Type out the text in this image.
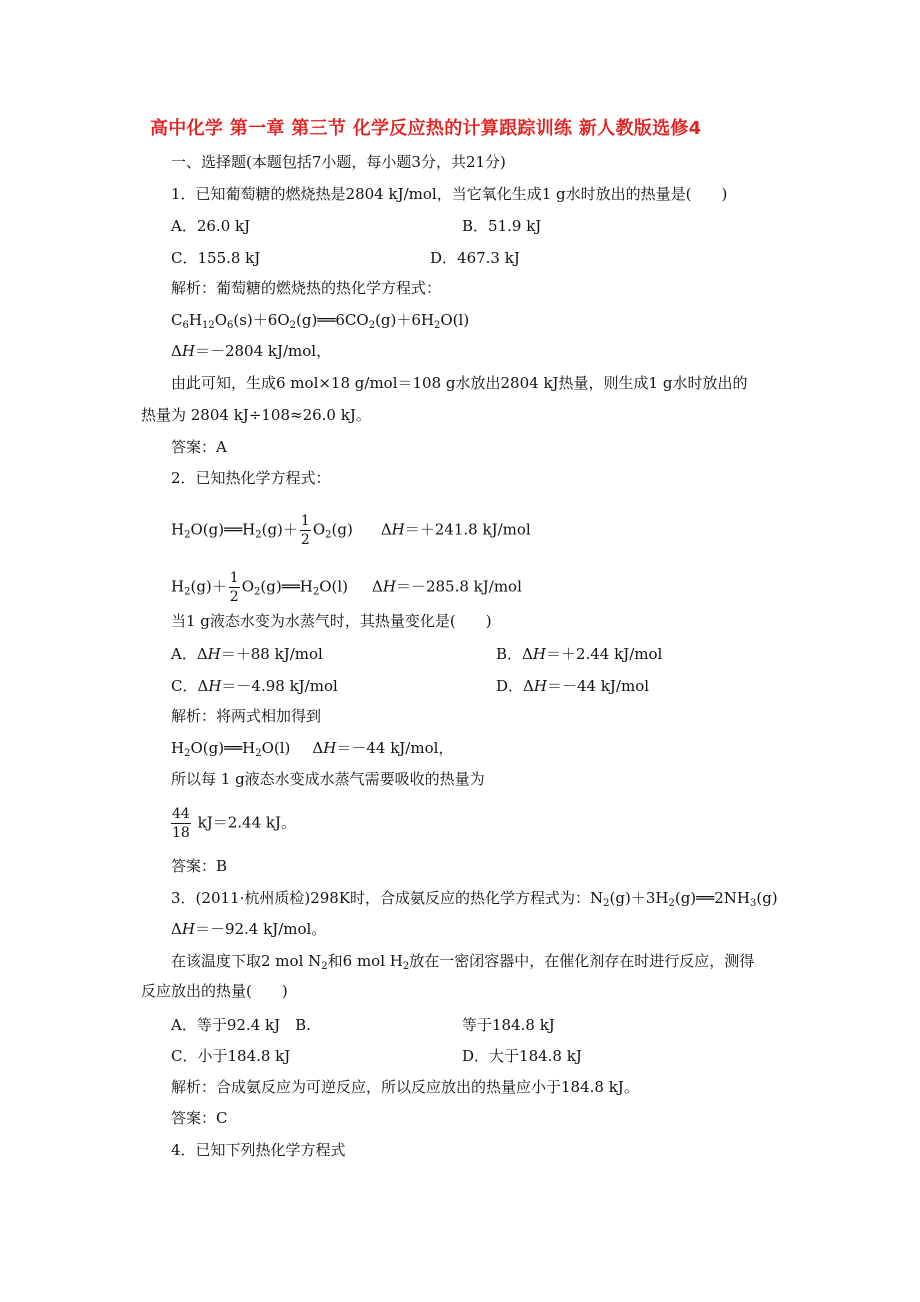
高中化学 第一章 第三节 化学反应热的计算跟踪训练 新人教版选修4
一、选择题(本题包括7小题，每小题3分，共21分)
1．已知葡萄糖的燃烧热是2804 kJ/mol，当它氧化生成1 g水时放出的热量是(　　)
A．26.0 kJ	B．51.9 kJ
C．155.8 kJ	D．467.3 kJ
解析：葡萄糖的燃烧热的热化学方程式：
$C_6H_{12}O_6(s)+6O_2(g)══6CO_2(g)+6H_2O(l)$
ΔH＝－2804 kJ/mol，
由此可知，生成6 mol×18 g/mol＝108 g水放出2804 kJ热量，则生成1 g水时放出的
热量为 2804 kJ÷108≈26.0 kJ。
答案：A
2．已知热化学方程式：
$H_2O(g)══H_2(g)+ \frac{1}{2} O_2(g)$ ΔH＝＋241.8 kJ/mol
$H_2(g)+ \frac{1}{2}$ $O_2(g)══H_2O(l)$ ΔH＝－285.8 kJ/mol
当1 g液态水变为水蒸气时，其热量变化是(　　)
A．ΔH＝＋88 kJ/mol	B．ΔH＝＋2.44 kJ/mol
C．ΔH＝－4.98 kJ/mol	D．ΔH＝－44 kJ/mol
解析：将两式相加得到
$H_2O(g)══H_2O(l)$ ΔH＝－44 kJ/mol，
所以每 1 g液态水变成水蒸气需要吸收的热量为
$\frac{44}{18} kJ=2.44$ kJ。
答案：B
3．(2011·杭州质检)298K时，合成氨反应的热化学方程式为：$N_2(g)+3H_2(g)══2NH_3(g)$
ΔH＝－92.4 kJ/mol。
在该温度下取2 mol $N_2$和6 mol $H_2$放在一密闭容器中，在催化剂存在时进行反应，测得
反应放出的热量(　　)
A．等于92.4 kJ　B.	等于184.8 kJ
C．小于184.8 kJ	D．大于184.8 kJ
解析：合成氨反应为可逆反应，所以反应放出的热量应小于184.8 kJ。
答案：C
4．已知下列热化学方程式
